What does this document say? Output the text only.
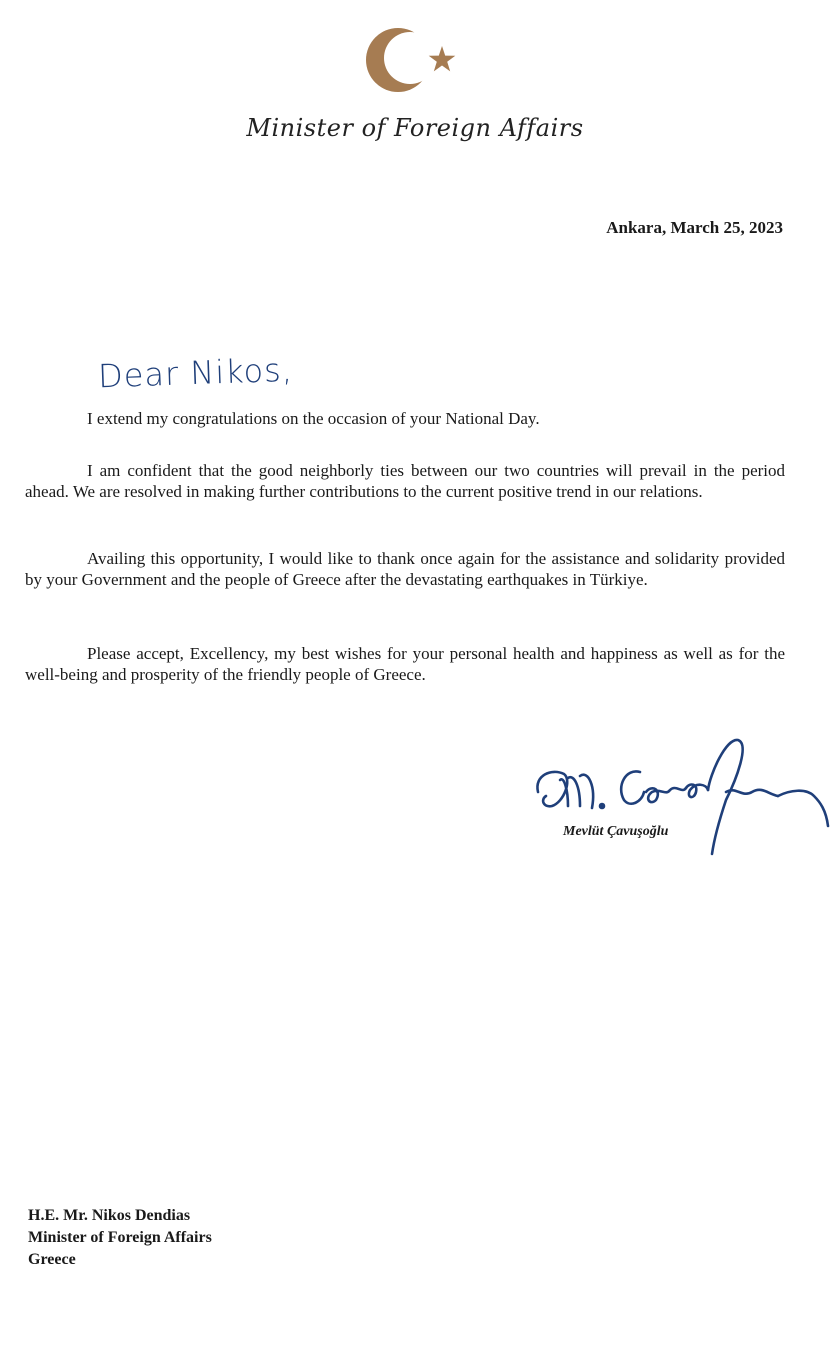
Minister of Foreign Affairs
Ankara, March 25, 2023
Dear Nikos,
I extend my congratulations on the occasion of your National Day.
I am confident that the good neighborly ties between our two countries will prevail in the period ahead. We are resolved in making further contributions to the current positive trend in our relations.
Availing this opportunity, I would like to thank once again for the assistance and solidarity provided by your Government and the people of Greece after the devastating earthquakes in Türkiye.
Please accept, Excellency, my best wishes for your personal health and happiness as well as for the well-being and prosperity of the friendly people of Greece.
Mevlüt Çavuşoğlu
H.E. Mr. Nikos Dendias
Minister of Foreign Affairs
Greece
